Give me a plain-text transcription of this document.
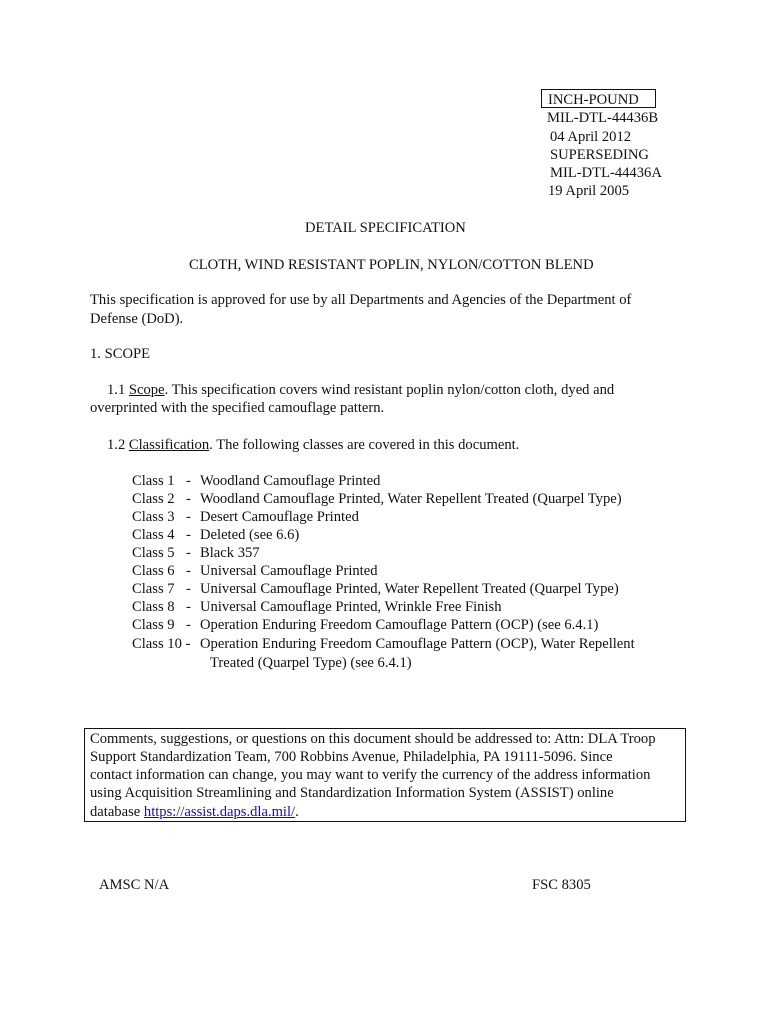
INCH-POUND
MIL-DTL-44436B
04 April 2012
SUPERSEDING
MIL-DTL-44436A
19 April 2005
DETAIL SPECIFICATION
CLOTH, WIND RESISTANT POPLIN, NYLON/COTTON BLEND
This specification is approved for use by all Departments and Agencies of the Department of
Defense (DoD).
1. SCOPE
1.1 Scope. This specification covers wind resistant poplin nylon/cotton cloth, dyed and
overprinted with the specified camouflage pattern.
1.2 Classification. The following classes are covered in this document.
Class 1 - Woodland Camouflage Printed
Class 2 - Woodland Camouflage Printed, Water Repellent Treated (Quarpel Type)
Class 3 - Desert Camouflage Printed
Class 4 - Deleted (see 6.6)
Class 5 - Black 357
Class 6 - Universal Camouflage Printed
Class 7 - Universal Camouflage Printed, Water Repellent Treated (Quarpel Type)
Class 8 - Universal Camouflage Printed, Wrinkle Free Finish
Class 9 - Operation Enduring Freedom Camouflage Pattern (OCP) (see 6.4.1)
Class 10 - Operation Enduring Freedom Camouflage Pattern (OCP), Water Repellent
Treated (Quarpel Type) (see 6.4.1)
Comments, suggestions, or questions on this document should be addressed to: Attn: DLA Troop
Support Standardization Team, 700 Robbins Avenue, Philadelphia, PA 19111-5096. Since
contact information can change, you may want to verify the currency of the address information
using Acquisition Streamlining and Standardization Information System (ASSIST) online
database https://assist.daps.dla.mil/.
AMSC N/A	FSC 8305
